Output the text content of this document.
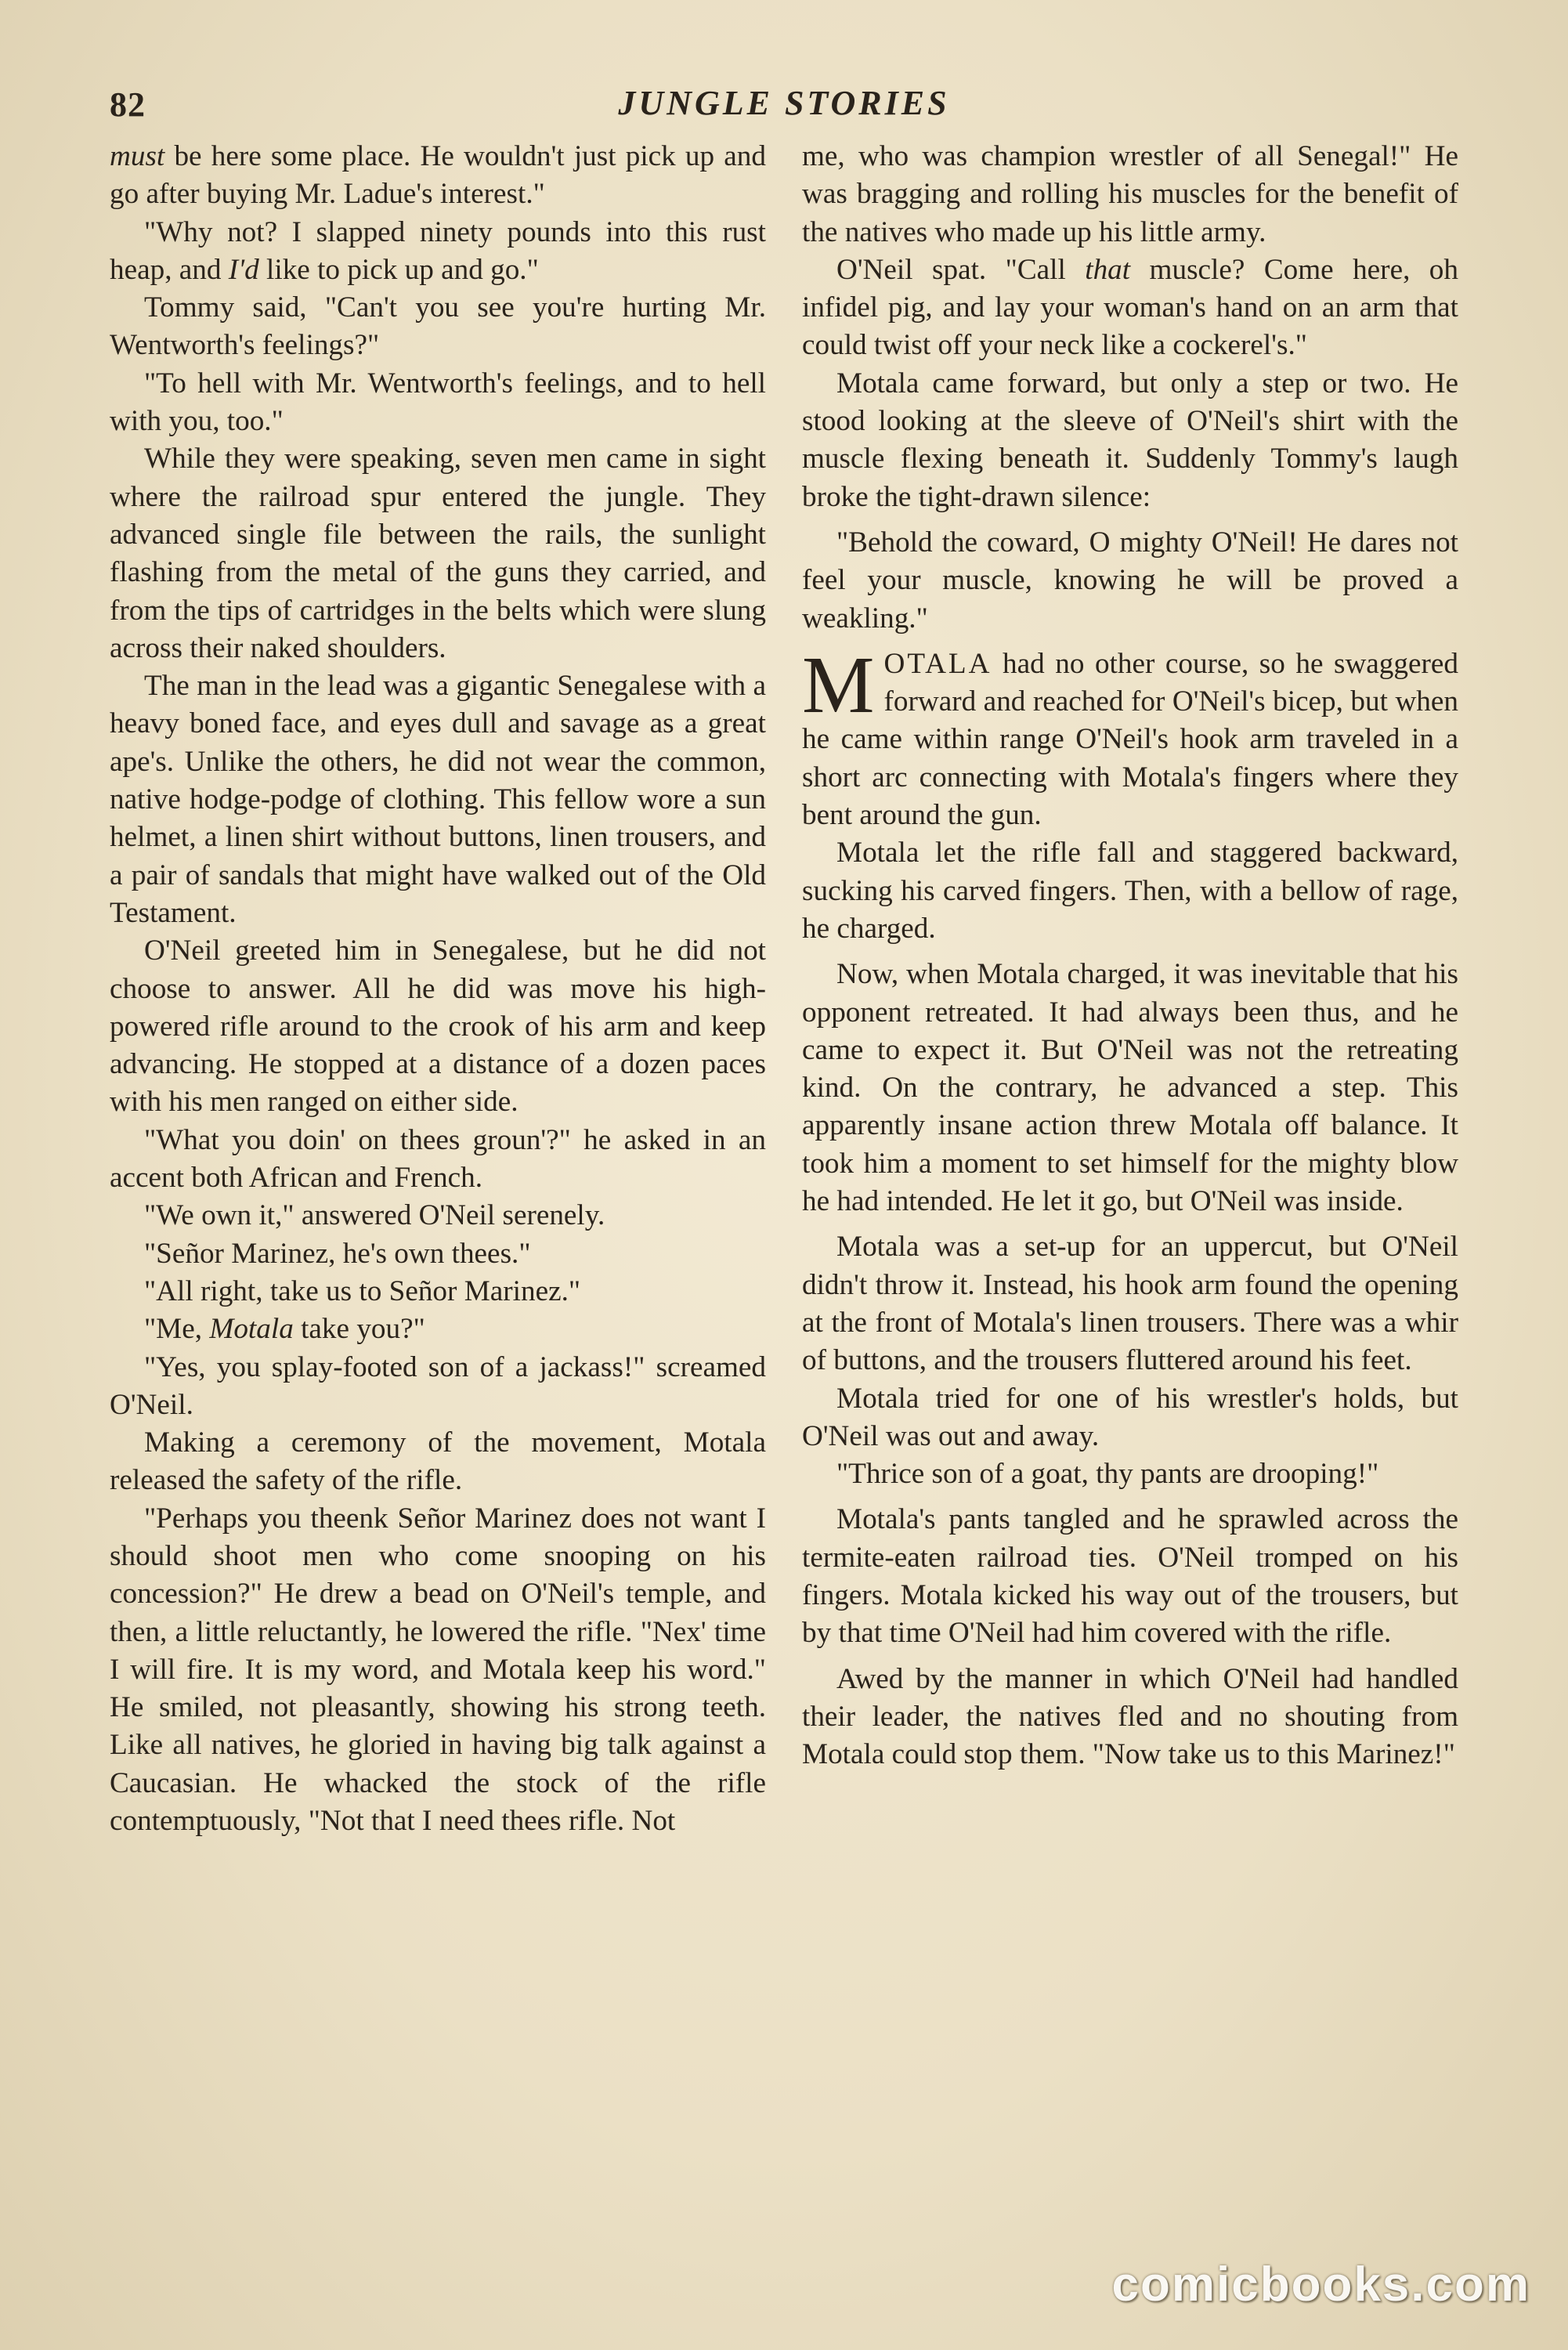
82	JUNGLE STORIES

must be here some place. He wouldn't just pick up and go after buying Mr. Ladue's interest."

"Why not? I slapped ninety pounds into this rust heap, and I'd like to pick up and go."

Tommy said, "Can't you see you're hurting Mr. Wentworth's feelings?"

"To hell with Mr. Wentworth's feelings, and to hell with you, too."

While they were speaking, seven men came in sight where the railroad spur entered the jungle. They advanced single file between the rails, the sunlight flashing from the metal of the guns they carried, and from the tips of cartridges in the belts which were slung across their naked shoulders.

The man in the lead was a gigantic Senegalese with a heavy boned face, and eyes dull and savage as a great ape's. Unlike the others, he did not wear the common, native hodge-podge of clothing. This fellow wore a sun helmet, a linen shirt without buttons, linen trousers, and a pair of sandals that might have walked out of the Old Testament.

O'Neil greeted him in Senegalese, but he did not choose to answer. All he did was move his high-powered rifle around to the crook of his arm and keep advancing. He stopped at a distance of a dozen paces with his men ranged on either side.

"What you doin' on thees groun'?" he asked in an accent both African and French.

"We own it," answered O'Neil serenely.

"Señor Marinez, he's own thees."

"All right, take us to Señor Marinez."

"Me, Motala take you?"

"Yes, you splay-footed son of a jackass!" screamed O'Neil.

Making a ceremony of the movement, Motala released the safety of the rifle.

"Perhaps you theenk Señor Marinez does not want I should shoot men who come snooping on his concession?" He drew a bead on O'Neil's temple, and then, a little reluctantly, he lowered the rifle. "Nex' time I will fire. It is my word, and Motala keep his word." He smiled, not pleasantly, showing his strong teeth. Like all natives, he gloried in having big talk against a Caucasian. He whacked the stock of the rifle contemptuously, "Not that I need thees rifle. Not

me, who was champion wrestler of all Senegal!" He was bragging and rolling his muscles for the benefit of the natives who made up his little army.

O'Neil spat. "Call that muscle? Come here, oh infidel pig, and lay your woman's hand on an arm that could twist off your neck like a cockerel's."

Motala came forward, but only a step or two. He stood looking at the sleeve of O'Neil's shirt with the muscle flexing beneath it. Suddenly Tommy's laugh broke the tight-drawn silence:

"Behold the coward, O mighty O'Neil! He dares not feel your muscle, knowing he will be proved a weakling."

MOTALA had no other course, so he swaggered forward and reached for O'Neil's bicep, but when he came within range O'Neil's hook arm traveled in a short arc connecting with Motala's fingers where they bent around the gun.

Motala let the rifle fall and staggered backward, sucking his carved fingers. Then, with a bellow of rage, he charged.

Now, when Motala charged, it was inevitable that his opponent retreated. It had always been thus, and he came to expect it. But O'Neil was not the retreating kind. On the contrary, he advanced a step. This apparently insane action threw Motala off balance. It took him a moment to set himself for the mighty blow he had intended. He let it go, but O'Neil was inside.

Motala was a set-up for an uppercut, but O'Neil didn't throw it. Instead, his hook arm found the opening at the front of Motala's linen trousers. There was a whir of buttons, and the trousers fluttered around his feet.

Motala tried for one of his wrestler's holds, but O'Neil was out and away.

"Thrice son of a goat, thy pants are drooping!"

Motala's pants tangled and he sprawled across the termite-eaten railroad ties. O'Neil tromped on his fingers. Motala kicked his way out of the trousers, but by that time O'Neil had him covered with the rifle.

Awed by the manner in which O'Neil had handled their leader, the natives fled and no shouting from Motala could stop them. "Now take us to this Marinez!"

comicbooks.com
